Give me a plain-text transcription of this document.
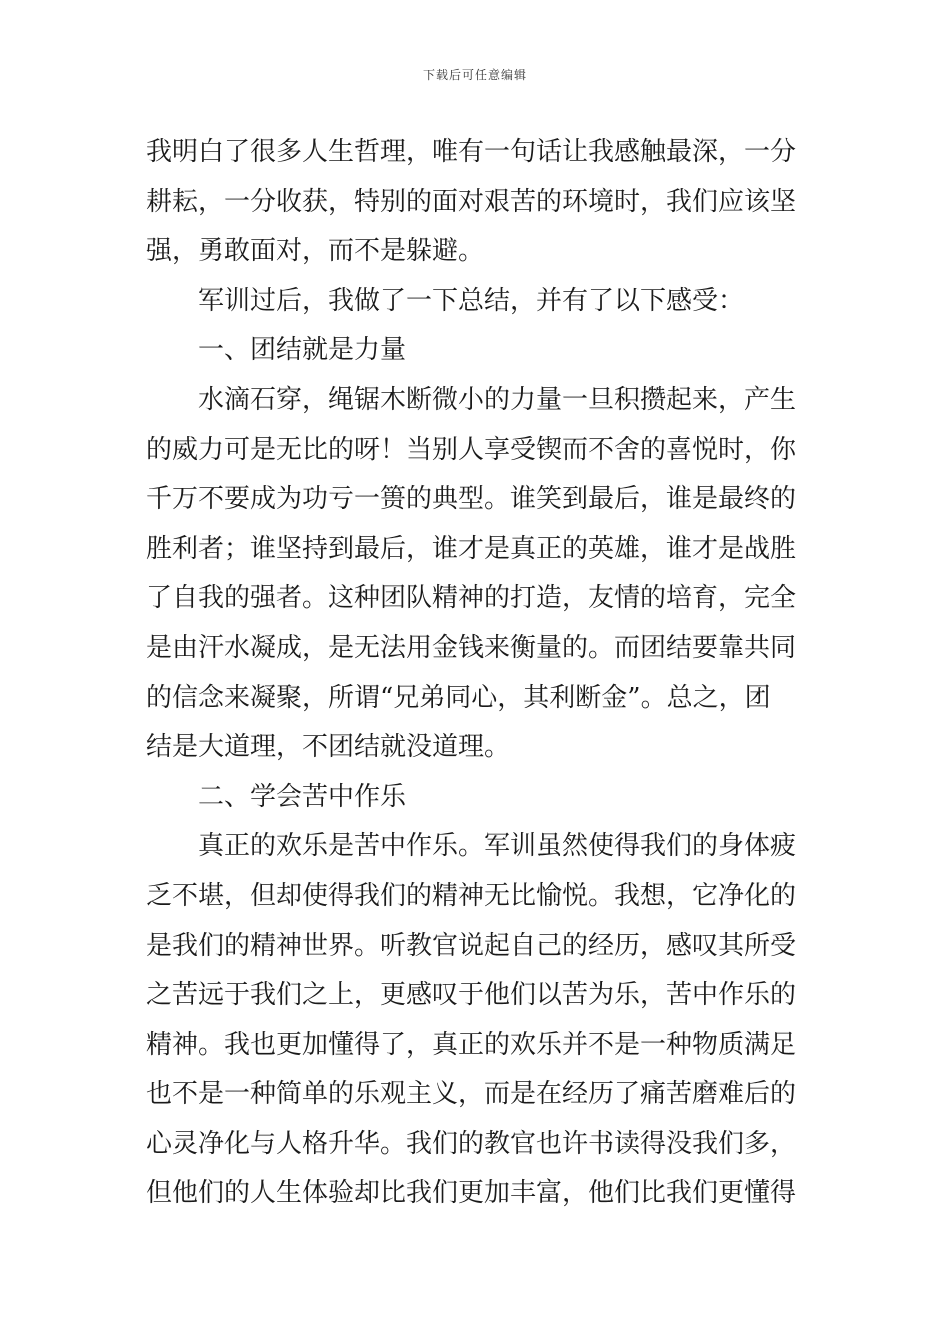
下载后可任意编辑
我明白了很多人生哲理，唯有一句话让我感触最深，一分
耕耘，一分收获，特别的面对艰苦的环境时，我们应该坚
强，勇敢面对，而不是躲避。
军训过后，我做了一下总结，并有了以下感受：
一、团结就是力量
水滴石穿，绳锯木断微小的力量一旦积攒起来，产生
的威力可是无比的呀！当别人享受锲而不舍的喜悦时，你
千万不要成为功亏一篑的典型。谁笑到最后，谁是最终的
胜利者；谁坚持到最后，谁才是真正的英雄，谁才是战胜
了自我的强者。这种团队精神的打造，友情的培育，完全
是由汗水凝成，是无法用金钱来衡量的。而团结要靠共同
的信念来凝聚，所谓“兄弟同心，其利断金”。总之，团
结是大道理，不团结就没道理。
二、学会苦中作乐
真正的欢乐是苦中作乐。军训虽然使得我们的身体疲
乏不堪，但却使得我们的精神无比愉悦。我想，它净化的
是我们的精神世界。听教官说起自己的经历，感叹其所受
之苦远于我们之上，更感叹于他们以苦为乐，苦中作乐的
精神。我也更加懂得了，真正的欢乐并不是一种物质满足
也不是一种简单的乐观主义，而是在经历了痛苦磨难后的
心灵净化与人格升华。我们的教官也许书读得没我们多，
但他们的人生体验却比我们更加丰富，他们比我们更懂得
